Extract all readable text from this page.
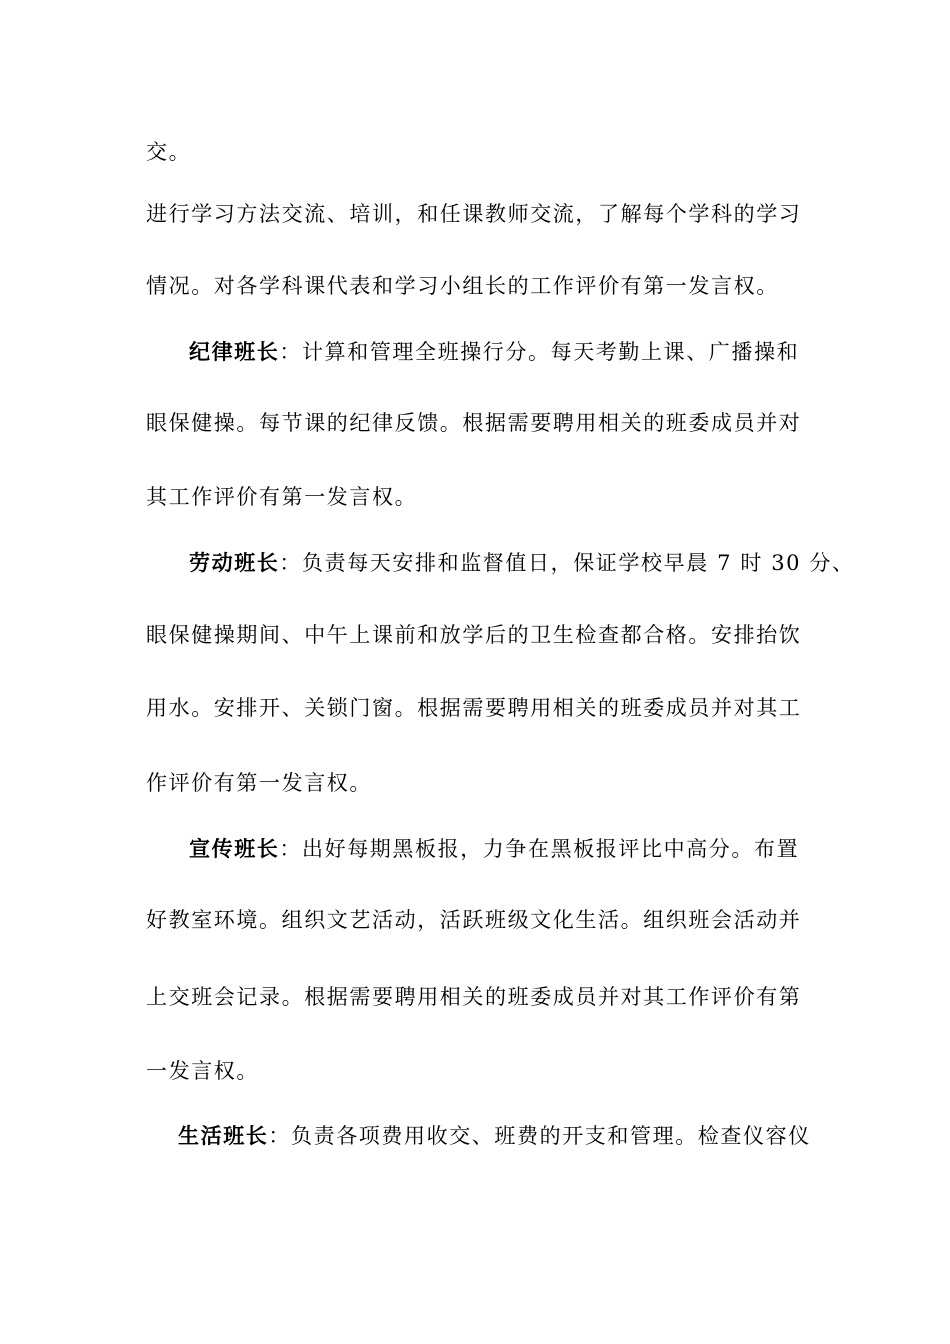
交。
进行学习方法交流、培训，和任课教师交流，了解每个学科的学习
情况。对各学科课代表和学习小组长的工作评价有第一发言权。
纪律班长：计算和管理全班操行分。每天考勤上课、广播操和
眼保健操。每节课的纪律反馈。根据需要聘用相关的班委成员并对
其工作评价有第一发言权。
劳动班长：负责每天安排和监督值日，保证学校早晨 7 时 30 分、
眼保健操期间、中午上课前和放学后的卫生检查都合格。安排抬饮
用水。安排开、关锁门窗。根据需要聘用相关的班委成员并对其工
作评价有第一发言权。
宣传班长：出好每期黑板报，力争在黑板报评比中高分。布置
好教室环境。组织文艺活动，活跃班级文化生活。组织班会活动并
上交班会记录。根据需要聘用相关的班委成员并对其工作评价有第
一发言权。
生活班长：负责各项费用收交、班费的开支和管理。检查仪容仪
